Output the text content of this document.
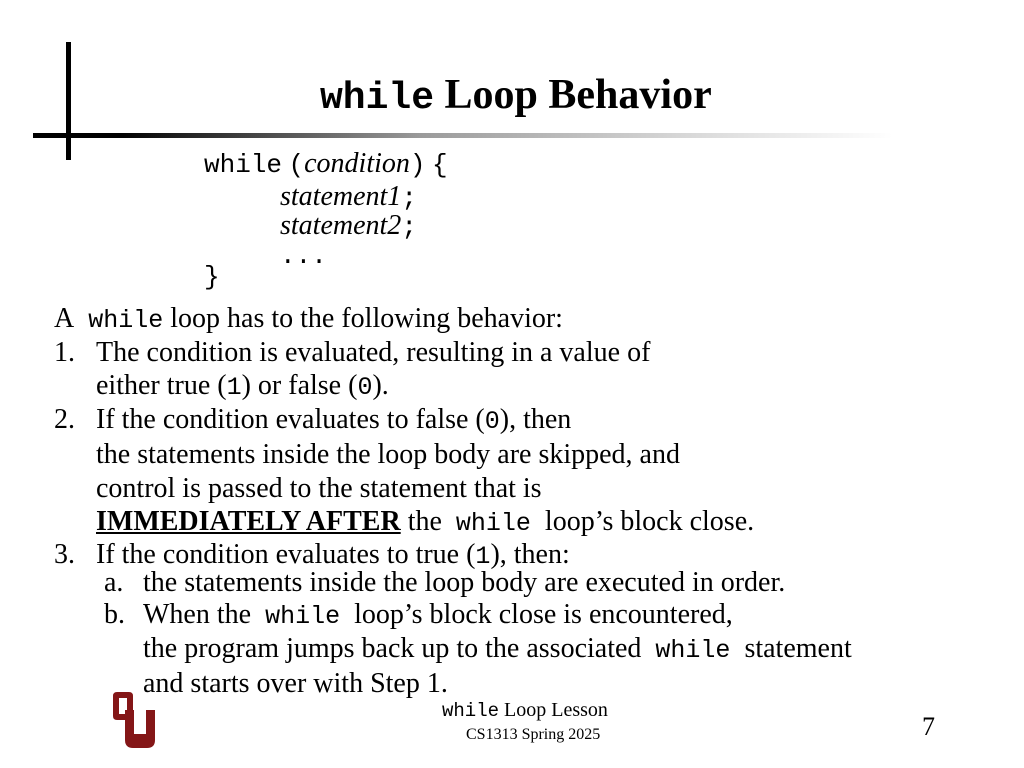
while Loop Behavior
while (condition) {
statement1;
statement2;
...
}
A while loop has to the following behavior:
1. The condition is evaluated, resulting in a value of
either true (1) or false (0).
2. If the condition evaluates to false (0), then
the statements inside the loop body are skipped, and
control is passed to the statement that is
IMMEDIATELY AFTER the while loop’s block close.
3. If the condition evaluates to true (1), then:
a. the statements inside the loop body are executed in order.
b. When the while loop’s block close is encountered,
the program jumps back up to the associated while statement
and starts over with Step 1.
while Loop Lesson
CS1313 Spring 2025	7
